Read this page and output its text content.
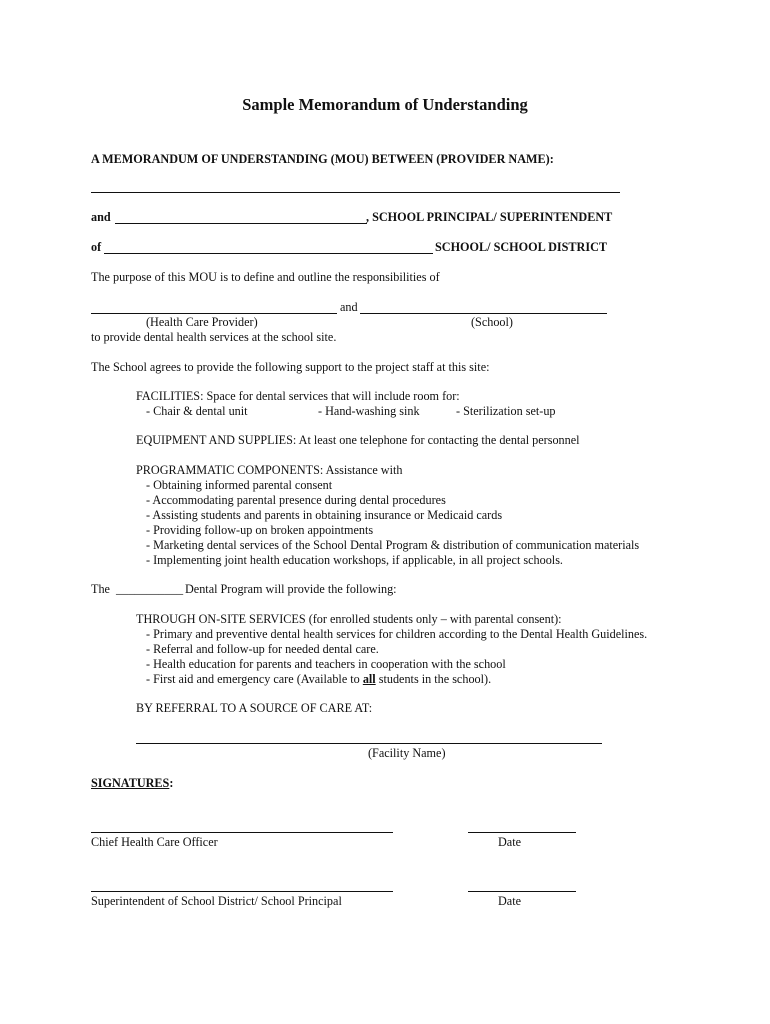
Sample Memorandum of Understanding
A MEMORANDUM OF UNDERSTANDING (MOU) BETWEEN (PROVIDER NAME):
and	, SCHOOL PRINCIPAL/ SUPERINTENDENT
of	SCHOOL/ SCHOOL DISTRICT
The purpose of this MOU is to define and outline the responsibilities of
and
(Health Care Provider)	(School)
to provide dental health services at the school site.
The School agrees to provide the following support to the project staff at this site:
FACILITIES: Space for dental services that will include room for:
- Chair & dental unit	- Hand-washing sink	- Sterilization set-up
EQUIPMENT AND SUPPLIES: At least one telephone for contacting the dental personnel
PROGRAMMATIC COMPONENTS: Assistance with
- Obtaining informed parental consent
- Accommodating parental presence during dental procedures
- Assisting students and parents in obtaining insurance or Medicaid cards
- Providing follow-up on broken appointments
- Marketing dental services of the School Dental Program & distribution of communication materials
- Implementing joint health education workshops, if applicable, in all project schools.
The ___________ Dental Program will provide the following:
THROUGH ON-SITE SERVICES (for enrolled students only – with parental consent):
- Primary and preventive dental health services for children according to the Dental Health Guidelines.
- Referral and follow-up for needed dental care.
- Health education for parents and teachers in cooperation with the school
- First aid and emergency care (Available to all students in the school).
BY REFERRAL TO A SOURCE OF CARE AT:
(Facility Name)
SIGNATURES:
Chief Health Care Officer	Date
Superintendent of School District/ School Principal	Date
